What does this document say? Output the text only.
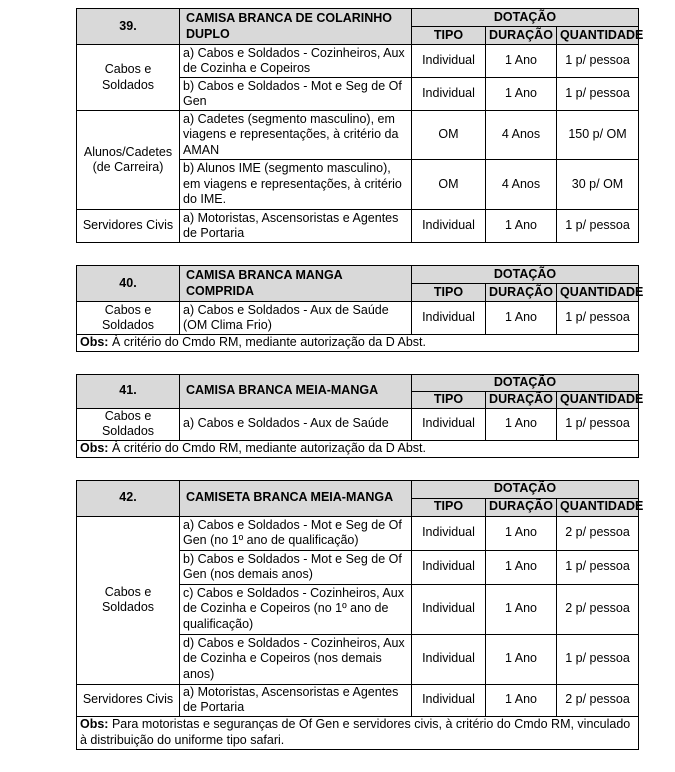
39.	CAMISA BRANCA DE COLARINHO DUPLO	DOTAÇÃO		
		TIPO	DURAÇÃO	QUANTIDADE
Cabos e Soldados	a) Cabos e Soldados - Cozinheiros, Aux de Cozinha e Copeiros	Individual	1 Ano	1 p/ pessoa
	b) Cabos e Soldados - Mot e Seg de Of Gen	Individual	1 Ano	1 p/ pessoa
Alunos/Cadetes (de Carreira)	a) Cadetes (segmento masculino), em viagens e representações, à critério da AMAN	OM	4 Anos	150 p/ OM
	b) Alunos IME (segmento masculino), em viagens e representações, à critério do IME.	OM	4 Anos	30 p/ OM
Servidores Civis	a) Motoristas, Ascensoristas e Agentes de Portaria	Individual	1 Ano	1 p/ pessoa
40.	CAMISA BRANCA MANGA COMPRIDA	DOTAÇÃO		
		TIPO	DURAÇÃO	QUANTIDADE
Cabos e Soldados	a) Cabos e Soldados - Aux de Saúde (OM Clima Frio)	Individual	1 Ano	1 p/ pessoa
Obs: À critério do Cmdo RM, mediante autorização da D Abst.				
41.	CAMISA BRANCA MEIA-MANGA	DOTAÇÃO		
		TIPO	DURAÇÃO	QUANTIDADE
Cabos e Soldados	a) Cabos e Soldados - Aux de Saúde	Individual	1 Ano	1 p/ pessoa
Obs: À critério do Cmdo RM, mediante autorização da D Abst.				
42.	CAMISETA BRANCA MEIA-MANGA	DOTAÇÃO		
		TIPO	DURAÇÃO	QUANTIDADE
Cabos e Soldados	a) Cabos e Soldados - Mot e Seg de Of Gen (no 1º ano de qualificação)	Individual	1 Ano	2 p/ pessoa
	b) Cabos e Soldados - Mot e Seg de Of Gen (nos demais anos)	Individual	1 Ano	1 p/ pessoa
	c) Cabos e Soldados - Cozinheiros, Aux de Cozinha e Copeiros (no 1º ano de qualificação)	Individual	1 Ano	2 p/ pessoa
	d) Cabos e Soldados - Cozinheiros, Aux de Cozinha e Copeiros (nos demais anos)	Individual	1 Ano	1 p/ pessoa
Servidores Civis	a) Motoristas, Ascensoristas e Agentes de Portaria	Individual	1 Ano	2 p/ pessoa
Obs: Para motoristas e seguranças de Of Gen e servidores civis, à critério do Cmdo RM, vinculado à distribuição do uniforme tipo safari.				
